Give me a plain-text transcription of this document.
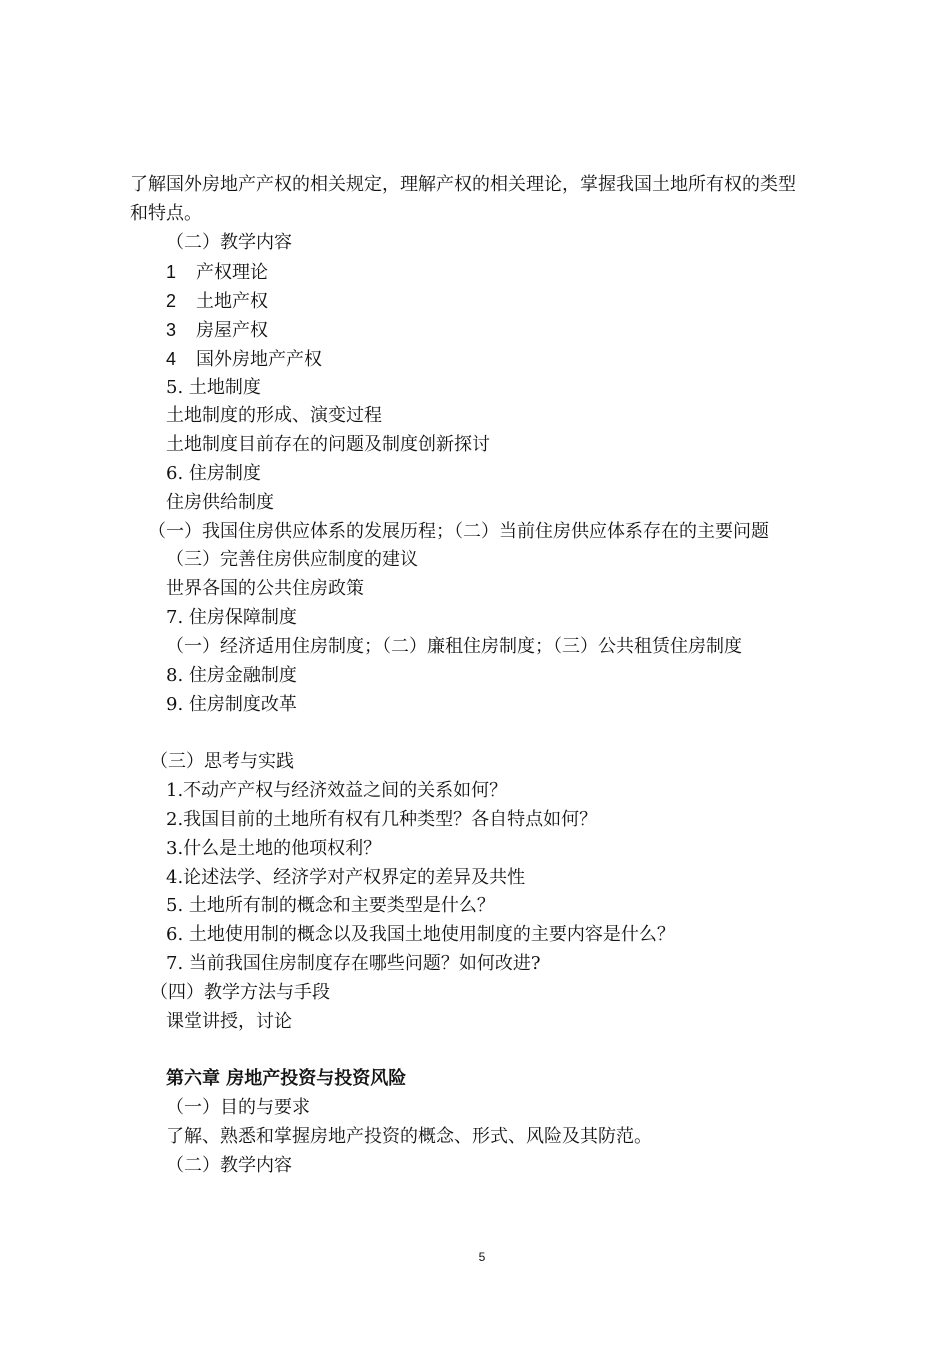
了解国外房地产产权的相关规定，理解产权的相关理论，掌握我国土地所有权的类型
和特点。
（二）教学内容
1 产权理论
2 土地产权
3 房屋产权
4 国外房地产产权
5. 土地制度
土地制度的形成、演变过程
土地制度目前存在的问题及制度创新探讨
6. 住房制度
住房供给制度
（一）我国住房供应体系的发展历程；（二）当前住房供应体系存在的主要问题
（三）完善住房供应制度的建议
世界各国的公共住房政策
7. 住房保障制度
（一）经济适用住房制度；（二）廉租住房制度；（三）公共租赁住房制度
8. 住房金融制度
9. 住房制度改革
（三）思考与实践
1.不动产产权与经济效益之间的关系如何？
2.我国目前的土地所有权有几种类型？各自特点如何？
3.什么是土地的他项权利？
4.论述法学、经济学对产权界定的差异及共性
5. 土地所有制的概念和主要类型是什么？
6. 土地使用制的概念以及我国土地使用制度的主要内容是什么？
7. 当前我国住房制度存在哪些问题？如何改进?
（四）教学方法与手段
课堂讲授，讨论
第六章 房地产投资与投资风险
（一）目的与要求
了解、熟悉和掌握房地产投资的概念、形式、风险及其防范。
（二）教学内容
5
